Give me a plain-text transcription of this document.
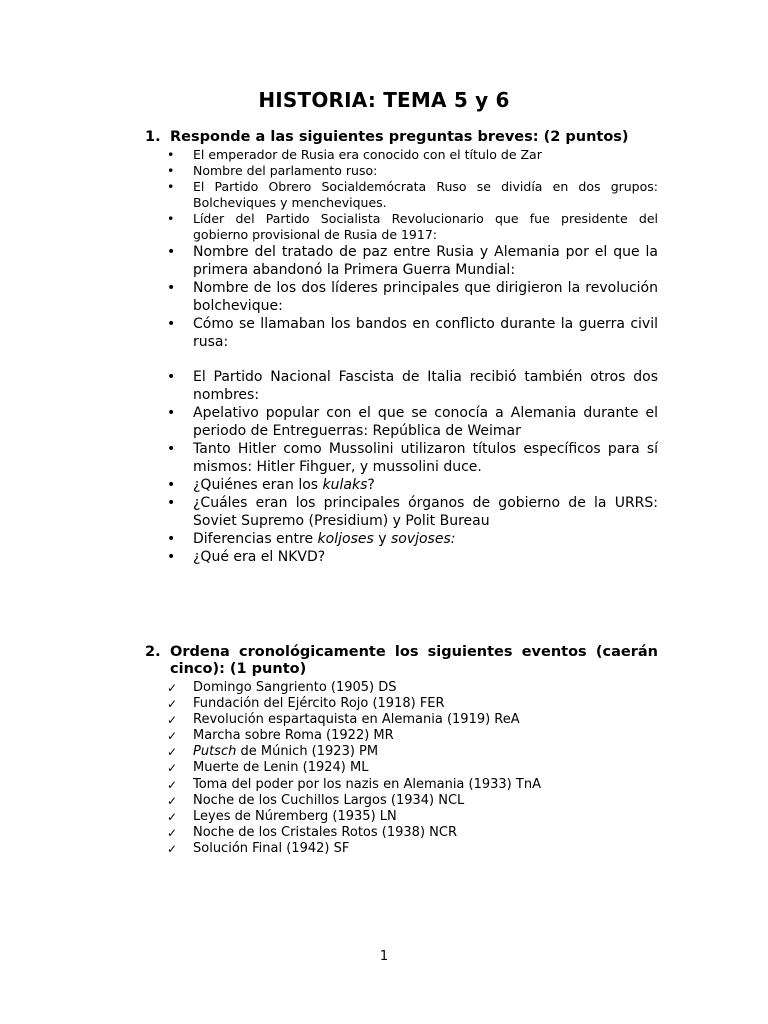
HISTORIA: TEMA 5 y 6
1. Responde a las siguientes preguntas breves: (2 puntos)
•	El emperador de Rusia era conocido con el título de Zar
•	Nombre del parlamento ruso:
•	El Partido Obrero Socialdemócrata Ruso se dividía en dos grupos: Bolcheviques y mencheviques.
•	Líder del Partido Socialista Revolucionario que fue presidente del gobierno provisional de Rusia de 1917:
•	Nombre del tratado de paz entre Rusia y Alemania por el que la primera abandonó la Primera Guerra Mundial:
•	Nombre de los dos líderes principales que dirigieron la revolución bolchevique:
•	Cómo se llamaban los bandos en conflicto durante la guerra civil rusa:
•	El Partido Nacional Fascista de Italia recibió también otros dos nombres:
•	Apelativo popular con el que se conocía a Alemania durante el periodo de Entreguerras: República de Weimar
•	Tanto Hitler como Mussolini utilizaron títulos específicos para sí mismos: Hitler Fihguer, y mussolini duce.
•	¿Quiénes eran los kulaks?
•	¿Cuáles eran los principales órganos de gobierno de la URRS: Soviet Supremo (Presidium) y Polit Bureau
•	Diferencias entre koljoses y sovjoses:
•	¿Qué era el NKVD?
2. Ordena cronológicamente los siguientes eventos (caerán cinco): (1 punto)
✓	Domingo Sangriento (1905) DS
✓	Fundación del Ejército Rojo (1918) FER
✓	Revolución espartaquista en Alemania (1919) ReA
✓	Marcha sobre Roma (1922) MR
✓	Putsch de Múnich (1923) PM
✓	Muerte de Lenin (1924) ML
✓	Toma del poder por los nazis en Alemania (1933) TnA
✓	Noche de los Cuchillos Largos (1934) NCL
✓	Leyes de Núremberg (1935) LN
✓	Noche de los Cristales Rotos (1938) NCR
✓	Solución Final (1942) SF
1
